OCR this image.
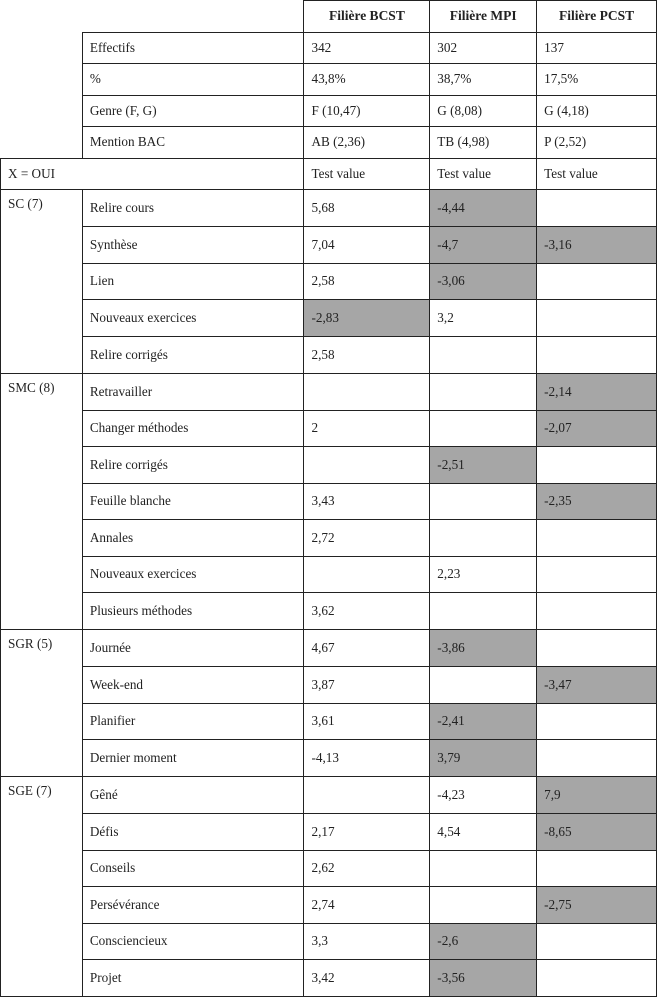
		Filière BCST	Filière MPI	Filière PCST
	Effectifs	342	302	137
	%	43,8%	38,7%	17,5%
	Genre (F, G)	F (10,47)	G (8,08)	G (4,18)
	Mention BAC	AB (2,36)	TB (4,98)	P (2,52)
X = OUI		Test value	Test value	Test value
SC (7)	Relire cours	5,68	-4,44	
	Synthèse	7,04	-4,7	-3,16
	Lien	2,58	-3,06	
	Nouveaux exercices	-2,83	3,2	
	Relire corrigés	2,58		
SMC (8)	Retravailler			-2,14
	Changer méthodes	2		-2,07
	Relire corrigés		-2,51	
	Feuille blanche	3,43		-2,35
	Annales	2,72		
	Nouveaux exercices		2,23	
	Plusieurs méthodes	3,62		
SGR (5)	Journée	4,67	-3,86	
	Week-end	3,87		-3,47
	Planifier	3,61	-2,41	
	Dernier moment	-4,13	3,79	
SGE (7)	Gêné		-4,23	7,9
	Défis	2,17	4,54	-8,65
	Conseils	2,62		
	Persévérance	2,74		-2,75
	Consciencieux	3,3	-2,6	
	Projet	3,42	-3,56	
